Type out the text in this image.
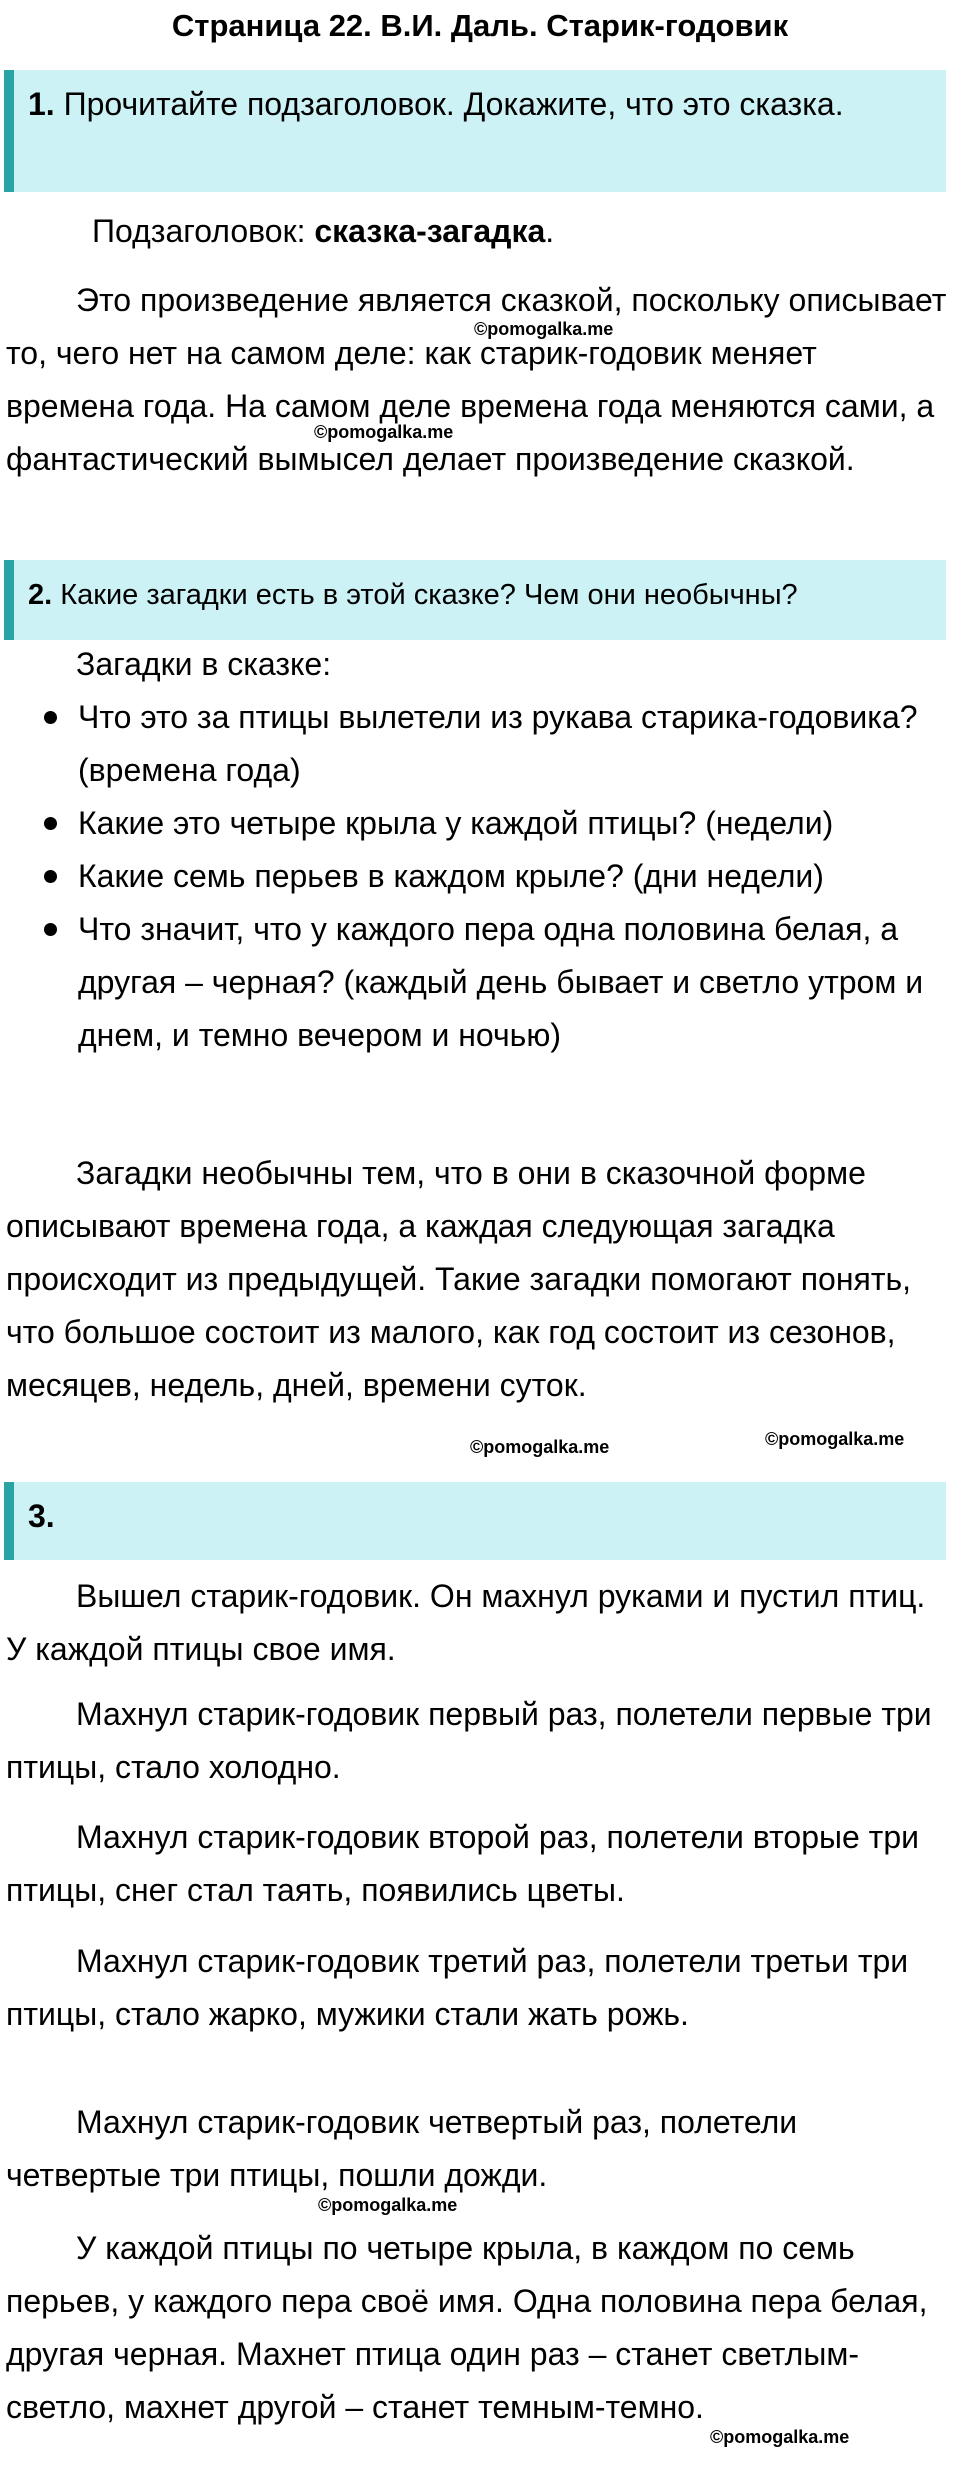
Страница 22. В.И. Даль. Старик-годовик
1. Прочитайте подзаголовок. Докажите, что это сказка.
Подзаголовок: сказка-загадка.
Это произведение является сказкой, поскольку описывает то, чего нет на самом деле: как старик-годовик меняет времена года. На самом деле времена года меняются сами, а фантастический вымысел делает произведение сказкой.
2. Какие загадки есть в этой сказке? Чем они необычны?
Загадки в сказке:
Что это за птицы вылетели из рукава старика-годовика? (времена года)
Какие это четыре крыла у каждой птицы? (недели)
Какие семь перьев в каждом крыле? (дни недели)
Что значит, что у каждого пера одна половина белая, а другая – черная? (каждый день бывает и светло утром и днем, и темно вечером и ночью)
Загадки необычны тем, что в они в сказочной форме описывают времена года, а каждая следующая загадка происходит из предыдущей. Такие загадки помогают понять, что большое состоит из малого, как год состоит из сезонов, месяцев, недель, дней, времени суток.
3.
Вышел старик-годовик. Он махнул руками и пустил птиц. У каждой птицы свое имя.
Махнул старик-годовик первый раз, полетели первые три птицы, стало холодно.
Махнул старик-годовик второй раз, полетели вторые три птицы, снег стал таять, появились цветы.
Махнул старик-годовик третий раз, полетели третьи три птицы, стало жарко, мужики стали жать рожь.
Махнул старик-годовик четвертый раз, полетели четвертые три птицы, пошли дожди.
У каждой птицы по четыре крыла, в каждом по семь перьев, у каждого пера своё имя. Одна половина пера белая, другая черная. Махнет птица один раз – станет светлым-светло, махнет другой – станет темным-темно.
©pomogalka.me
©pomogalka.me
©pomogalka.me	©pomogalka.me
©pomogalka.me
©pomogalka.me
